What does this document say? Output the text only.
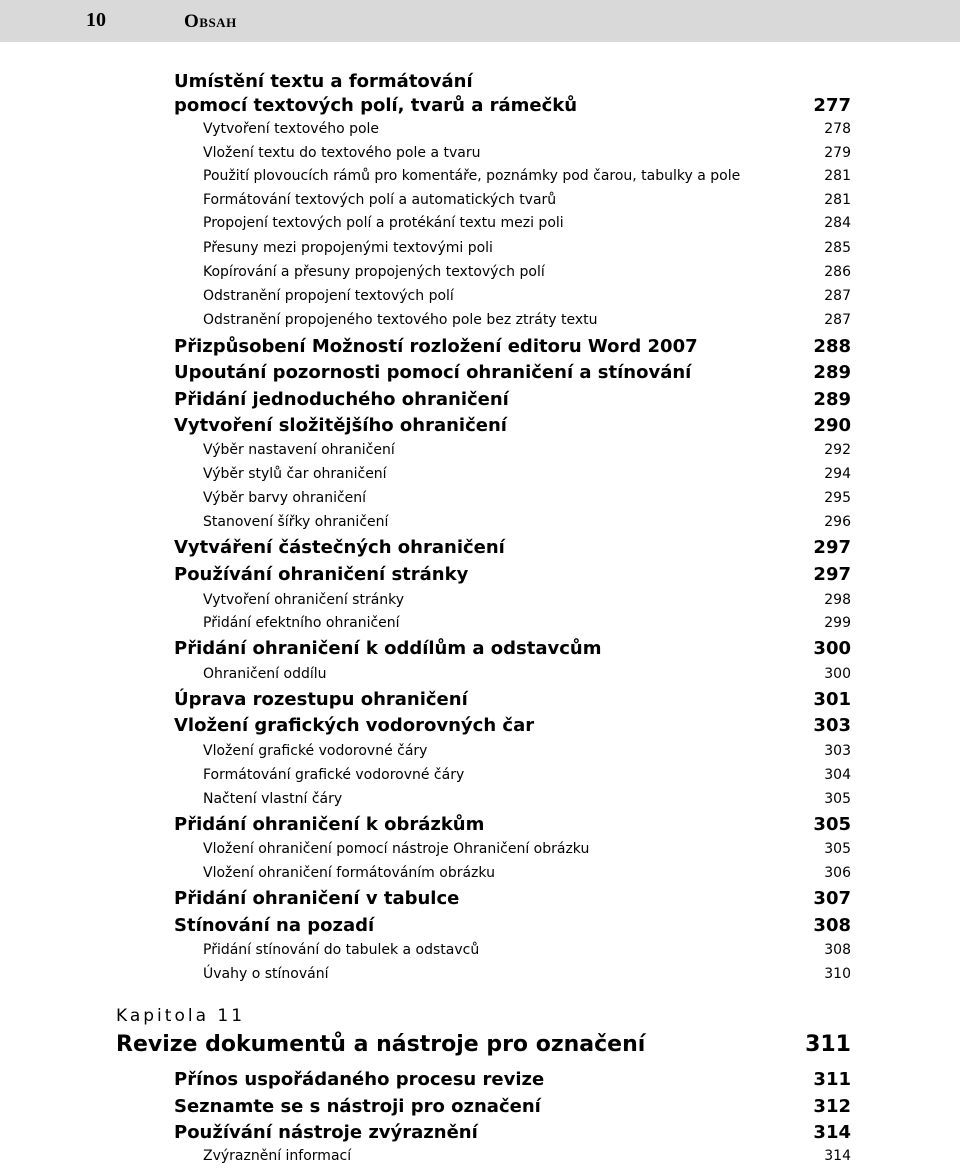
10	Obsah
Umístění textu a formátování
pomocí textových polí, tvarů a rámečků	277
Vytvoření textového pole	278
Vložení textu do textového pole a tvaru	279
Použití plovoucích rámů pro komentáře, poznámky pod čarou, tabulky a pole	281
Formátování textových polí a automatických tvarů	281
Propojení textových polí a protékání textu mezi poli	284
Přesuny mezi propojenými textovými poli	285
Kopírování a přesuny propojených textových polí	286
Odstranění propojení textových polí	287
Odstranění propojeného textového pole bez ztráty textu	287
Přizpůsobení Možností rozložení editoru Word 2007	288
Upoutání pozornosti pomocí ohraničení a stínování	289
Přidání jednoduchého ohraničení	289
Vytvoření složitějšího ohraničení	290
Výběr nastavení ohraničení	292
Výběr stylů čar ohraničení	294
Výběr barvy ohraničení	295
Stanovení šířky ohraničení	296
Vytváření částečných ohraničení	297
Používání ohraničení stránky	297
Vytvoření ohraničení stránky	298
Přidání efektního ohraničení	299
Přidání ohraničení k oddílům a odstavcům	300
Ohraničení oddílu	300
Úprava rozestupu ohraničení	301
Vložení grafických vodorovných čar	303
Vložení grafické vodorovné čáry	303
Formátování grafické vodorovné čáry	304
Načtení vlastní čáry	305
Přidání ohraničení k obrázkům	305
Vložení ohraničení pomocí nástroje Ohraničení obrázku	305
Vložení ohraničení formátováním obrázku	306
Přidání ohraničení v tabulce	307
Stínování na pozadí	308
Přidání stínování do tabulek a odstavců	308
Úvahy o stínování	310
Kapitola 11
Revize dokumentů a nástroje pro označení	311
Přínos uspořádaného procesu revize	311
Seznamte se s nástroji pro označení	312
Používání nástroje zvýraznění	314
Zvýraznění informací	314
